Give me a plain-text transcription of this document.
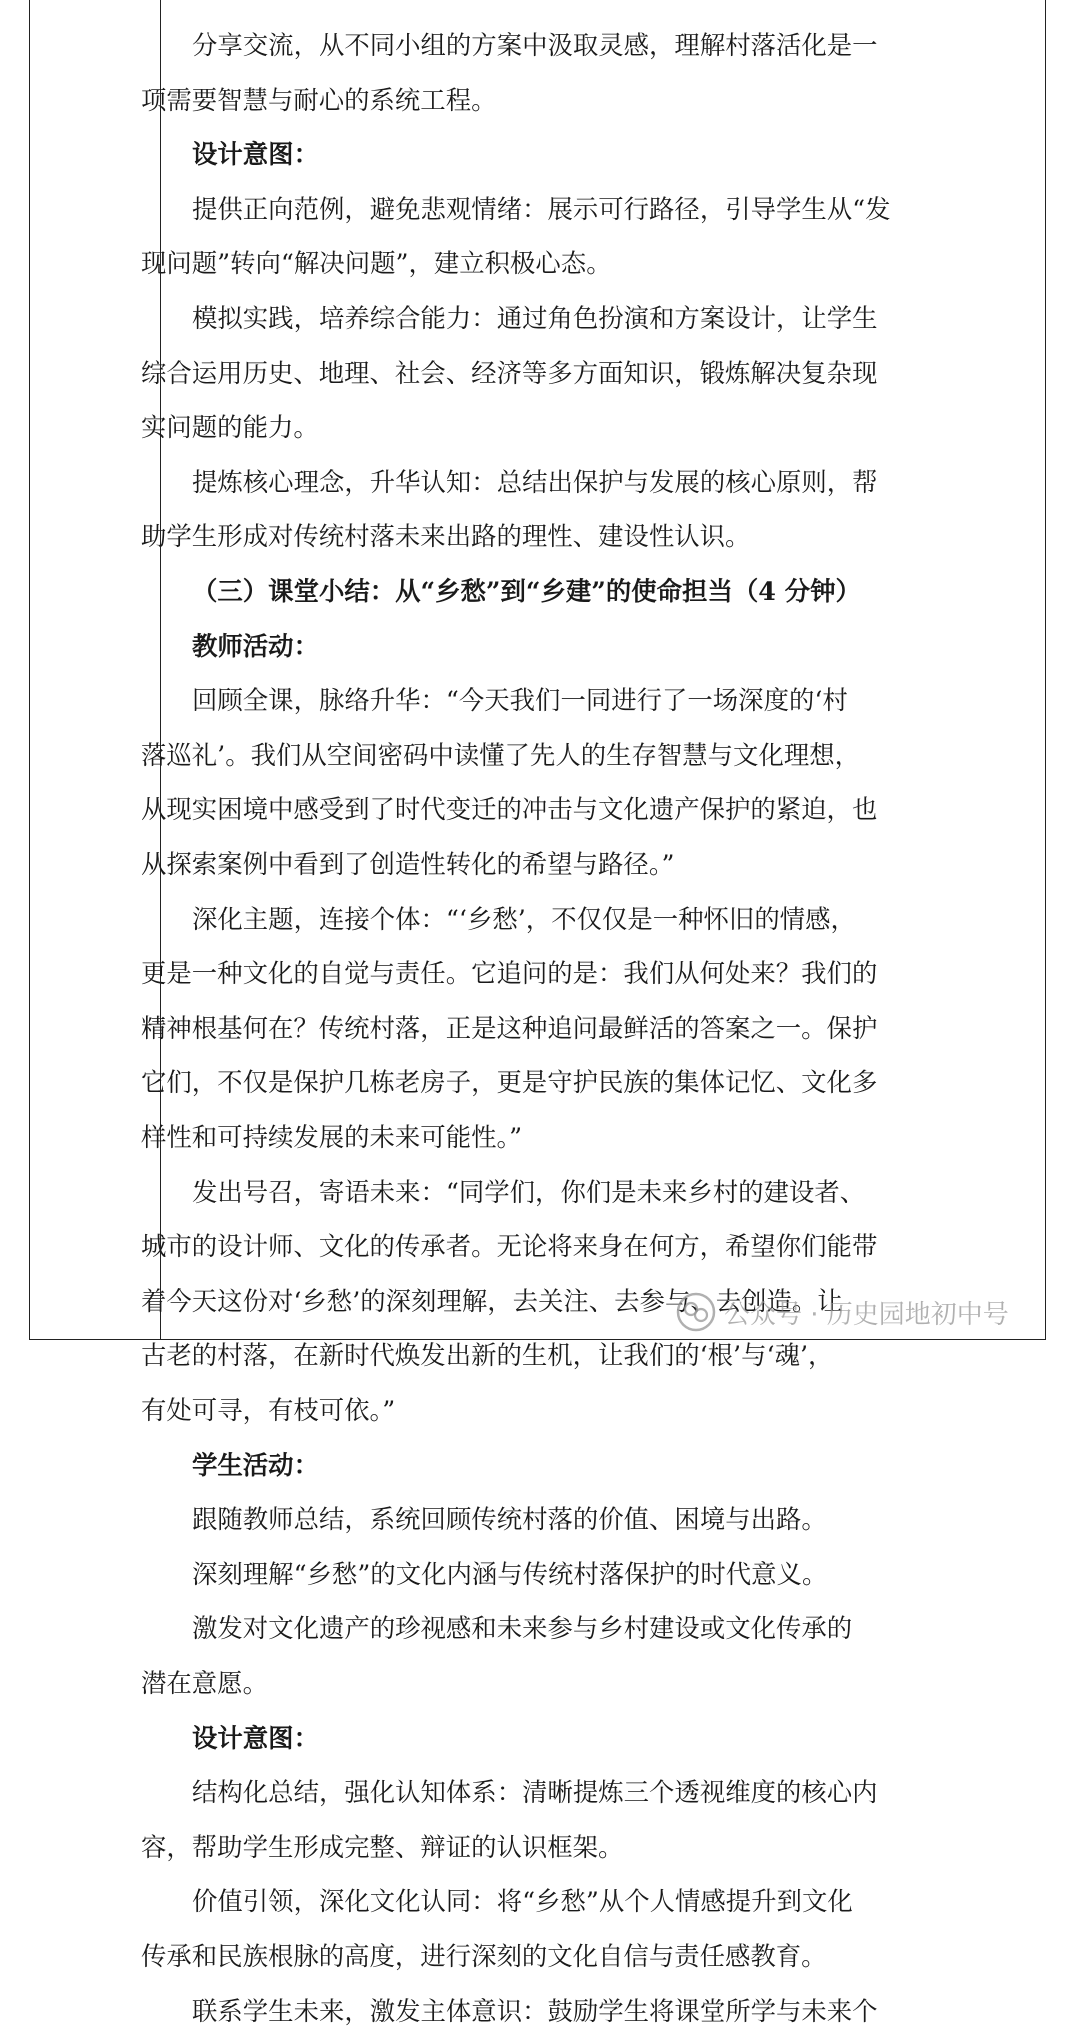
分享交流，从不同小组的方案中汲取灵感，理解村落活化是一
项需要智慧与耐心的系统工程。
设计意图：
提供正向范例，避免悲观情绪：展示可行路径，引导学生从“发
现问题”转向“解决问题”，建立积极心态。
模拟实践，培养综合能力：通过角色扮演和方案设计，让学生
综合运用历史、地理、社会、经济等多方面知识，锻炼解决复杂现
实问题的能力。
提炼核心理念，升华认知：总结出保护与发展的核心原则，帮
助学生形成对传统村落未来出路的理性、建设性认识。
（三）课堂小结：从“乡愁”到“乡建”的使命担当（4 分钟）
教师活动：
回顾全课，脉络升华：“今天我们一同进行了一场深度的‘村
落巡礼’。我们从空间密码中读懂了先人的生存智慧与文化理想，
从现实困境中感受到了时代变迁的冲击与文化遗产保护的紧迫，也
从探索案例中看到了创造性转化的希望与路径。”
深化主题，连接个体：“‘乡愁’，不仅仅是一种怀旧的情感，
更是一种文化的自觉与责任。它追问的是：我们从何处来？我们的
精神根基何在？传统村落，正是这种追问最鲜活的答案之一。保护
它们，不仅是保护几栋老房子，更是守护民族的集体记忆、文化多
样性和可持续发展的未来可能性。”
发出号召，寄语未来：“同学们，你们是未来乡村的建设者、
城市的设计师、文化的传承者。无论将来身在何方，希望你们能带
着今天这份对‘乡愁’的深刻理解，去关注、去参与、去创造。让
古老的村落，在新时代焕发出新的生机，让我们的‘根’与‘魂’，
有处可寻，有枝可依。”
学生活动：
跟随教师总结，系统回顾传统村落的价值、困境与出路。
深刻理解“乡愁”的文化内涵与传统村落保护的时代意义。
激发对文化遗产的珍视感和未来参与乡村建设或文化传承的
潜在意愿。
设计意图：
结构化总结，强化认知体系：清晰提炼三个透视维度的核心内
容，帮助学生形成完整、辩证的认识框架。
价值引领，深化文化认同：将“乡愁”从个人情感提升到文化
传承和民族根脉的高度，进行深刻的文化自信与责任感教育。
联系学生未来，激发主体意识：鼓励学生将课堂所学与未来个
公众号 · 历史园地初中号
